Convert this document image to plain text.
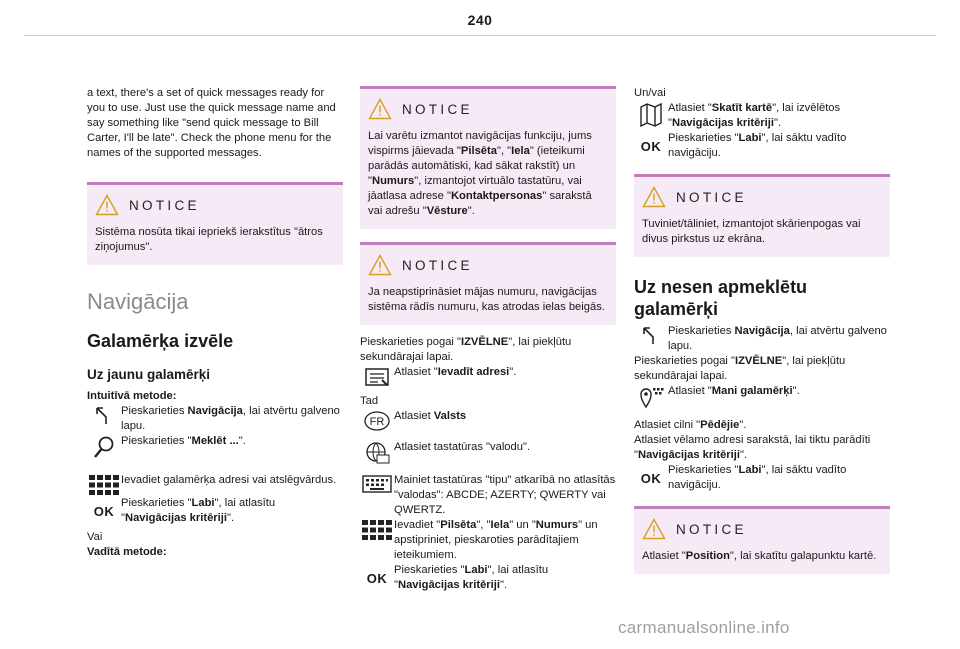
240

a text, there's a set of quick messages ready for you to use. Just use the quick message name and say something like "send quick message to Bill Carter, I'll be late". Check the phone menu for the names of the supported messages.

NOTICE

Sistēma nosūta tikai iepriekš ierakstītus "ātros ziņojumus".

Navigācija
Galamērķa izvēle
Uz jaunu galamērķi

Intuitīvā metode:

Pieskarieties Navigācija, lai atvērtu galveno lapu.
Pieskarieties "Meklēt ...".
Ievadiet galamērķa adresi vai atslēgvārdus.
OK
Pieskarieties "Labi", lai atlasītu "Navigācijas kritēriji".

Vai

Vadītā metode:

NOTICE

Lai varētu izmantot navigācijas funkciju, jums vispirms jāievada "Pilsēta", "Iela" (ieteikumi parādās automātiski, kad sākat rakstīt) un "Numurs", izmantojot virtuālo tastatūru, vai jāatlasa adrese "Kontaktpersonas" sarakstā vai adrešu "Vēsture".

NOTICE

Ja neapstiprināsiet mājas numuru, navigācijas sistēma rādīs numuru, kas atrodas ielas beigās.

Pieskarieties pogai "IZVĒLNE", lai piekļūtu sekundārajai lapai.

Atlasiet "Ievadīt adresi".

Tad

FR Atlasiet Valsts
Atlasiet tastatūras "valodu".
Mainiet tastatūras "tipu" atkarībā no atlasītās "valodas": ABCDE; AZERTY; QWERTY vai QWERTZ.
Ievadiet "Pilsēta", "Iela" un "Numurs" un apstipriniet, pieskaroties parādītajiem ieteikumiem.
OK
Pieskarieties "Labi", lai atlasītu "Navigācijas kritēriji".

Un/vai

Atlasiet "Skatīt kartē", lai izvēlētos "Navigācijas kritēriji".
OK
Pieskarieties "Labi", lai sāktu vadīto navigāciju.
NOTICE

Tuviniet/tāliniet, izmantojot skārienpogas vai divus pirkstus uz ekrāna.

Uz nesen apmeklētu galamērķi
Pieskarieties Navigācija, lai atvērtu galveno lapu.

Pieskarieties pogai "IZVĒLNE", lai piekļūtu sekundārajai lapai.

Atlasiet "Mani galamērķi".

Atlasiet cilni "Pēdējie".

Atlasiet vēlamo adresi sarakstā, lai tiktu parādīti "Navigācijas kritēriji".

OK
Pieskarieties "Labi", lai sāktu vadīto navigāciju.
NOTICE

Atlasiet "Position", lai skatītu galapunktu kartē.

carmanualsonline.info
